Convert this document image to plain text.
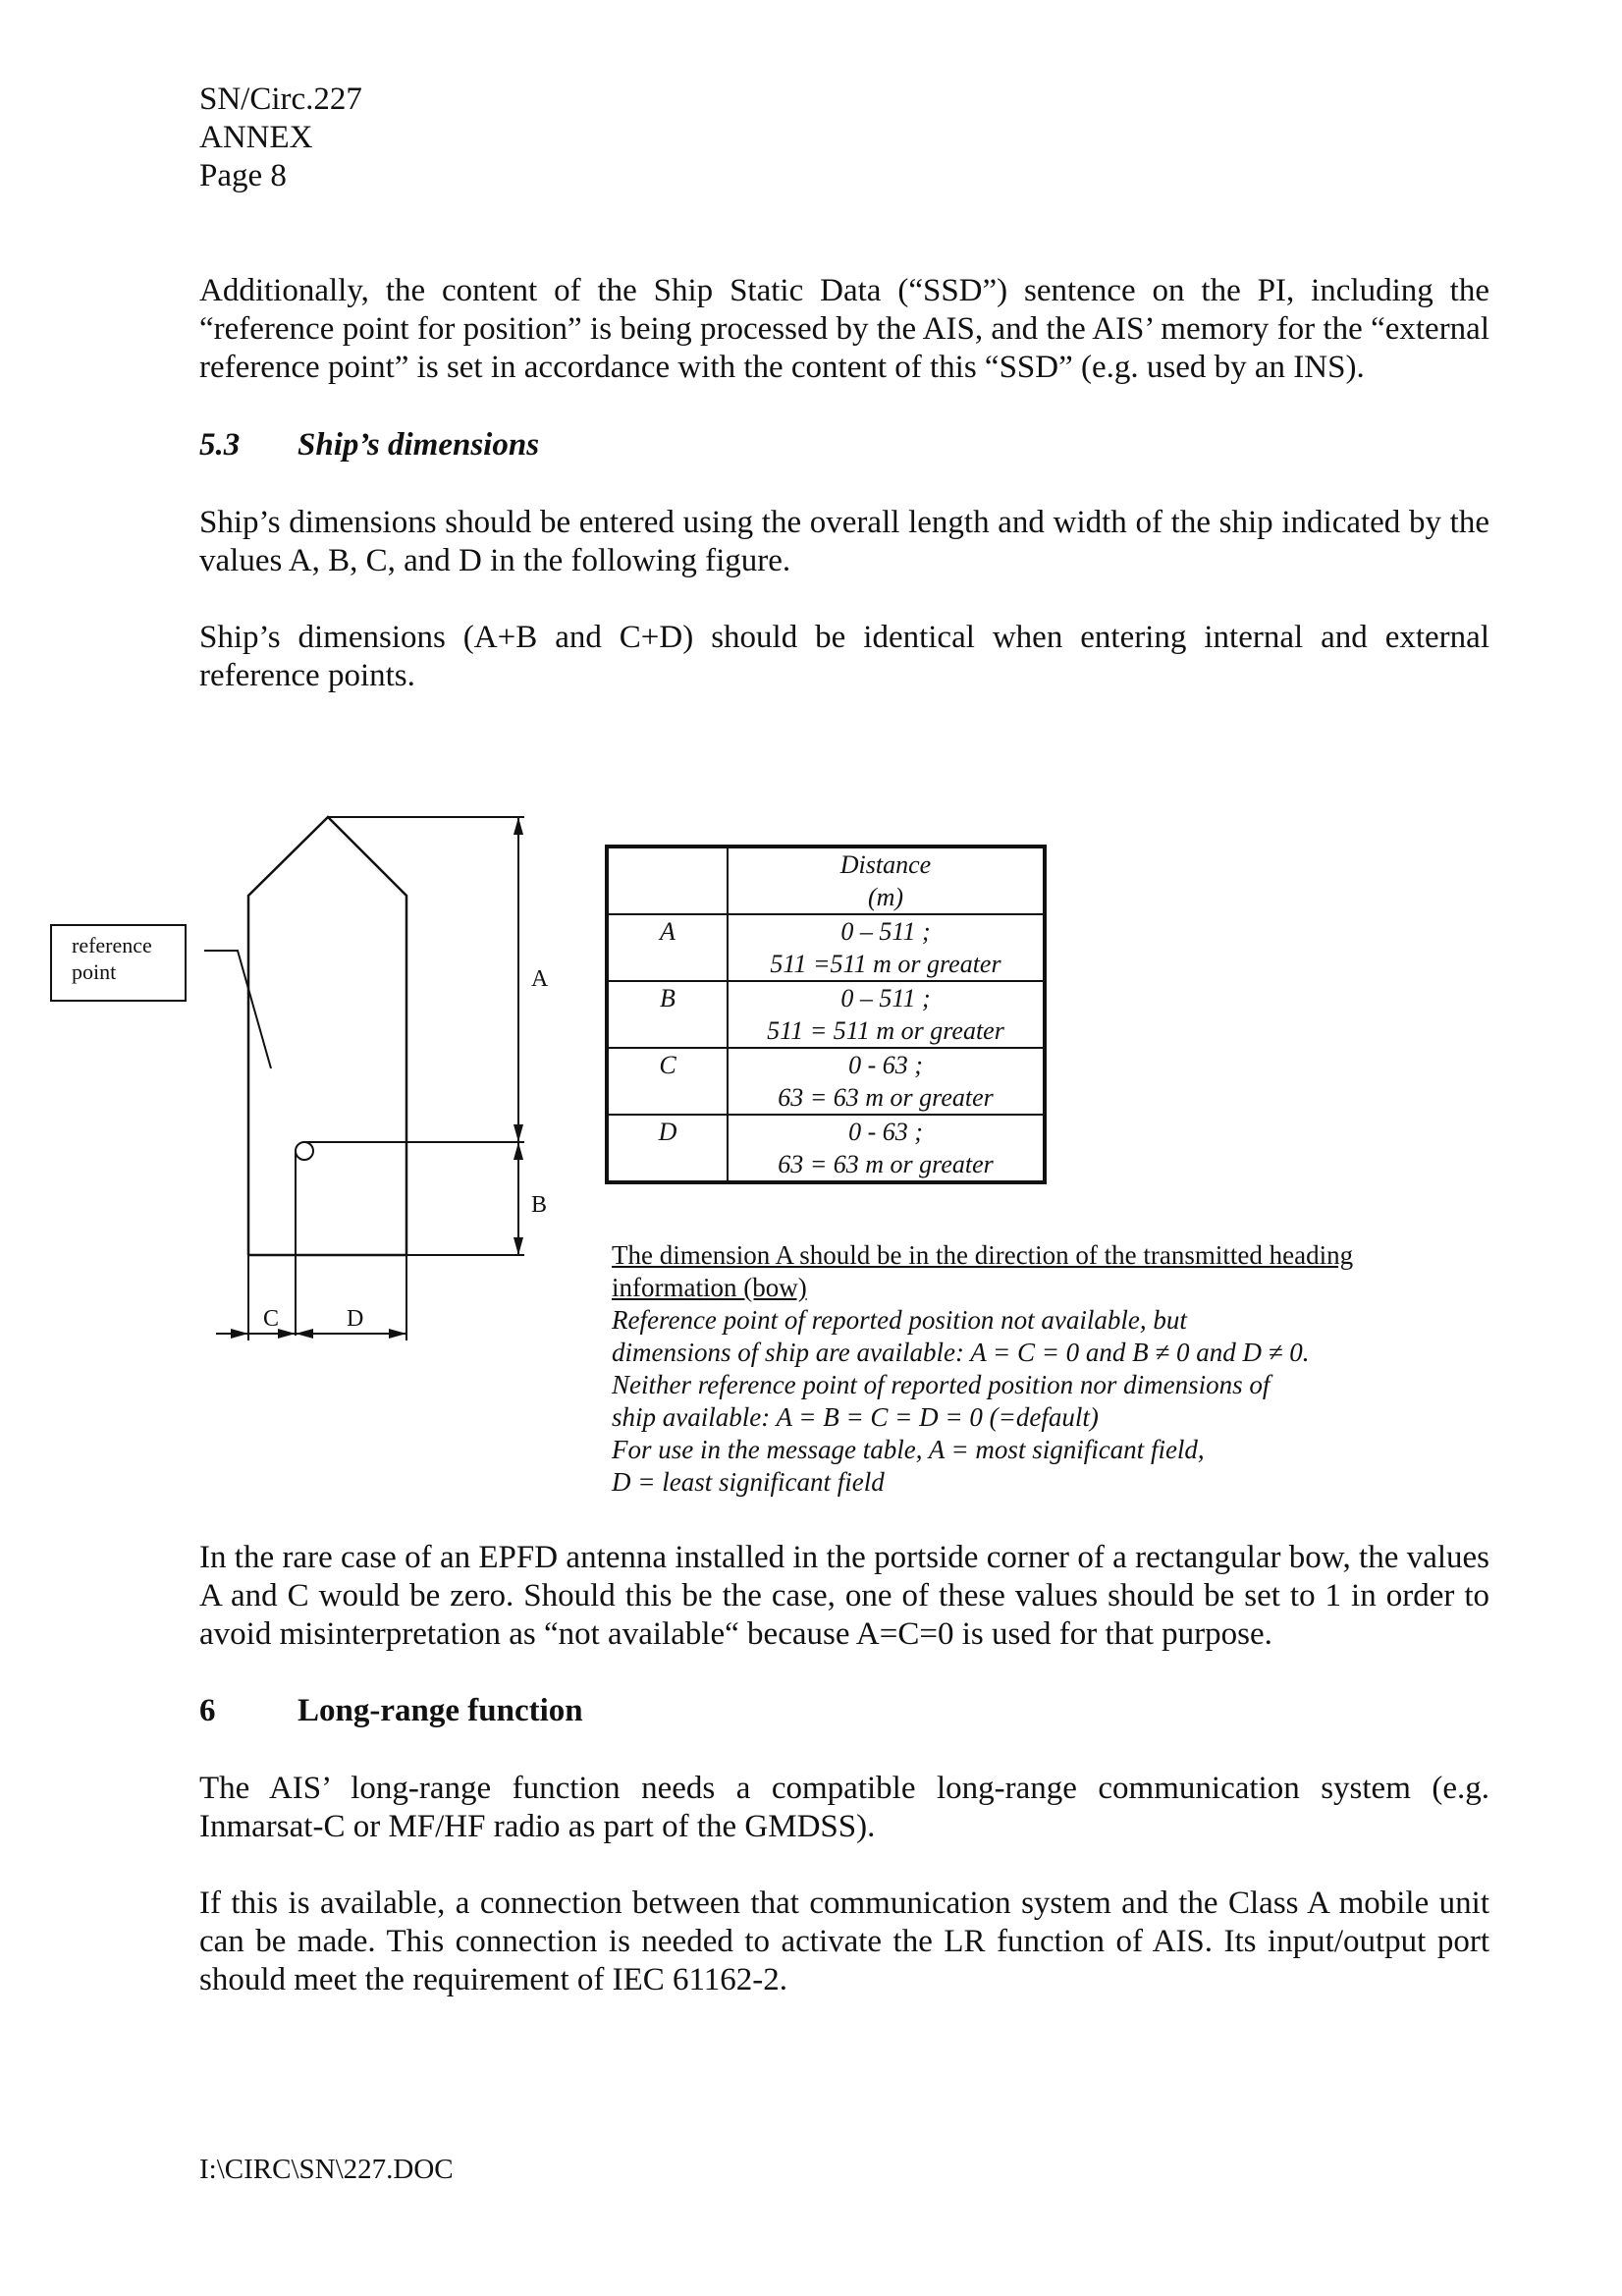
SN/Circ.227
ANNEX
Page 8

Additionally, the content of the Ship Static Data (“SSD”) sentence on the PI, including the “reference point for position” is being processed by the AIS, and the AIS’ memory for the “external reference point” is set in accordance with the content of this “SSD” (e.g. used by an INS).

5.3 Ship’s dimensions

Ship’s dimensions should be entered using the overall length and width of the ship indicated by the values A, B, C, and D in the following figure.

Ship’s dimensions (A+B and C+D) should be identical when entering internal and external reference points.

reference
point	A
B
C	D

	Distance
(m)

A	0 – 511 ;
511 =511 m or greater

B	0 – 511 ;
511 = 511 m or greater

C	0 - 63 ;
63 = 63 m or greater

D	0 - 63 ;
63 = 63 m or greater
The dimension A should be in the direction of the transmitted heading
information (bow)
Reference point of reported position not available, but
dimensions of ship are available: A = C = 0 and B ≠ 0 and D ≠ 0.
Neither reference point of reported position nor dimensions of
ship available: A = B = C = D = 0 (=default)
For use in the message table, A = most significant field,
D = least significant field

In the rare case of an EPFD antenna installed in the portside corner of a rectangular bow, the values A and C would be zero. Should this be the case, one of these values should be set to 1 in order to avoid misinterpretation as “not available“ because A=C=0 is used for that purpose.

6	Long-range function

The AIS’ long-range function needs a compatible long-range communication system (e.g. Inmarsat-C or MF/HF radio as part of the GMDSS).

If this is available, a connection between that communication system and the Class A mobile unit can be made. This connection is needed to activate the LR function of AIS. Its input/output port should meet the requirement of IEC 61162-2.

I:\CIRC\SN\227.DOC
